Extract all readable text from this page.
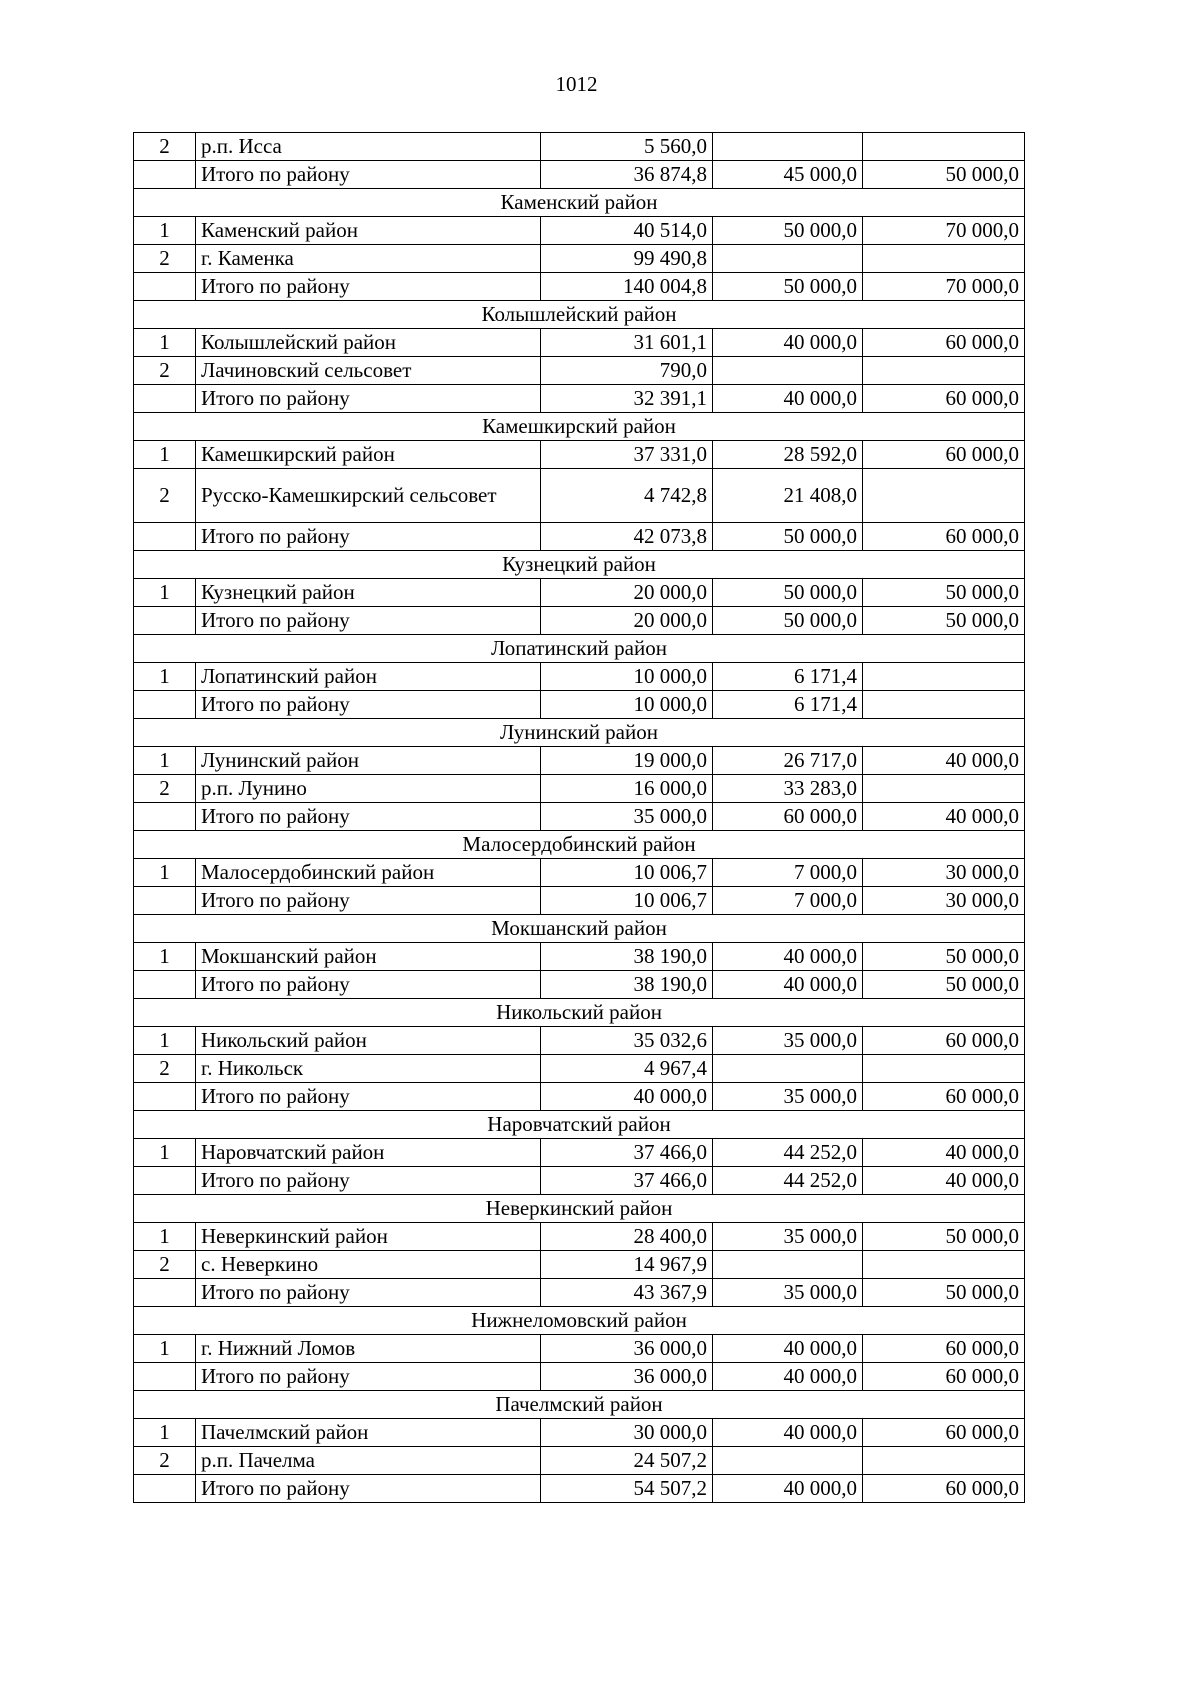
1012
2	р.п. Исса	5 560,0		
	Итого по району	36 874,8	45 000,0	50 000,0
Каменский район				
1	Каменский район	40 514,0	50 000,0	70 000,0
2	г. Каменка	99 490,8		
	Итого по району	140 004,8	50 000,0	70 000,0
Колышлейский район				
1	Колышлейский район	31 601,1	40 000,0	60 000,0
2	Лачиновский сельсовет	790,0		
	Итого по району	32 391,1	40 000,0	60 000,0
Камешкирский район				
1	Камешкирский район	37 331,0	28 592,0	60 000,0
2	Русско-Камешкирский сельсовет	4 742,8	21 408,0	
	Итого по району	42 073,8	50 000,0	60 000,0
Кузнецкий район				
1	Кузнецкий район	20 000,0	50 000,0	50 000,0
	Итого по району	20 000,0	50 000,0	50 000,0
Лопатинский район				
1	Лопатинский район	10 000,0	6 171,4	
	Итого по району	10 000,0	6 171,4	
Лунинский район				
1	Лунинский район	19 000,0	26 717,0	40 000,0
2	р.п. Лунино	16 000,0	33 283,0	
	Итого по району	35 000,0	60 000,0	40 000,0
Малосердобинский район				
1	Малосердобинский район	10 006,7	7 000,0	30 000,0
	Итого по району	10 006,7	7 000,0	30 000,0
Мокшанский район				
1	Мокшанский район	38 190,0	40 000,0	50 000,0
	Итого по району	38 190,0	40 000,0	50 000,0
Никольский район				
1	Никольский район	35 032,6	35 000,0	60 000,0
2	г. Никольск	4 967,4		
	Итого по району	40 000,0	35 000,0	60 000,0
Наровчатский район				
1	Наровчатский район	37 466,0	44 252,0	40 000,0
	Итого по району	37 466,0	44 252,0	40 000,0
Неверкинский район				
1	Неверкинский район	28 400,0	35 000,0	50 000,0
2	с. Неверкино	14 967,9		
	Итого по району	43 367,9	35 000,0	50 000,0
Нижнеломовский район				
1	г. Нижний Ломов	36 000,0	40 000,0	60 000,0
	Итого по району	36 000,0	40 000,0	60 000,0
Пачелмский район				
1	Пачелмский район	30 000,0	40 000,0	60 000,0
2	р.п. Пачелма	24 507,2		
	Итого по району	54 507,2	40 000,0	60 000,0
